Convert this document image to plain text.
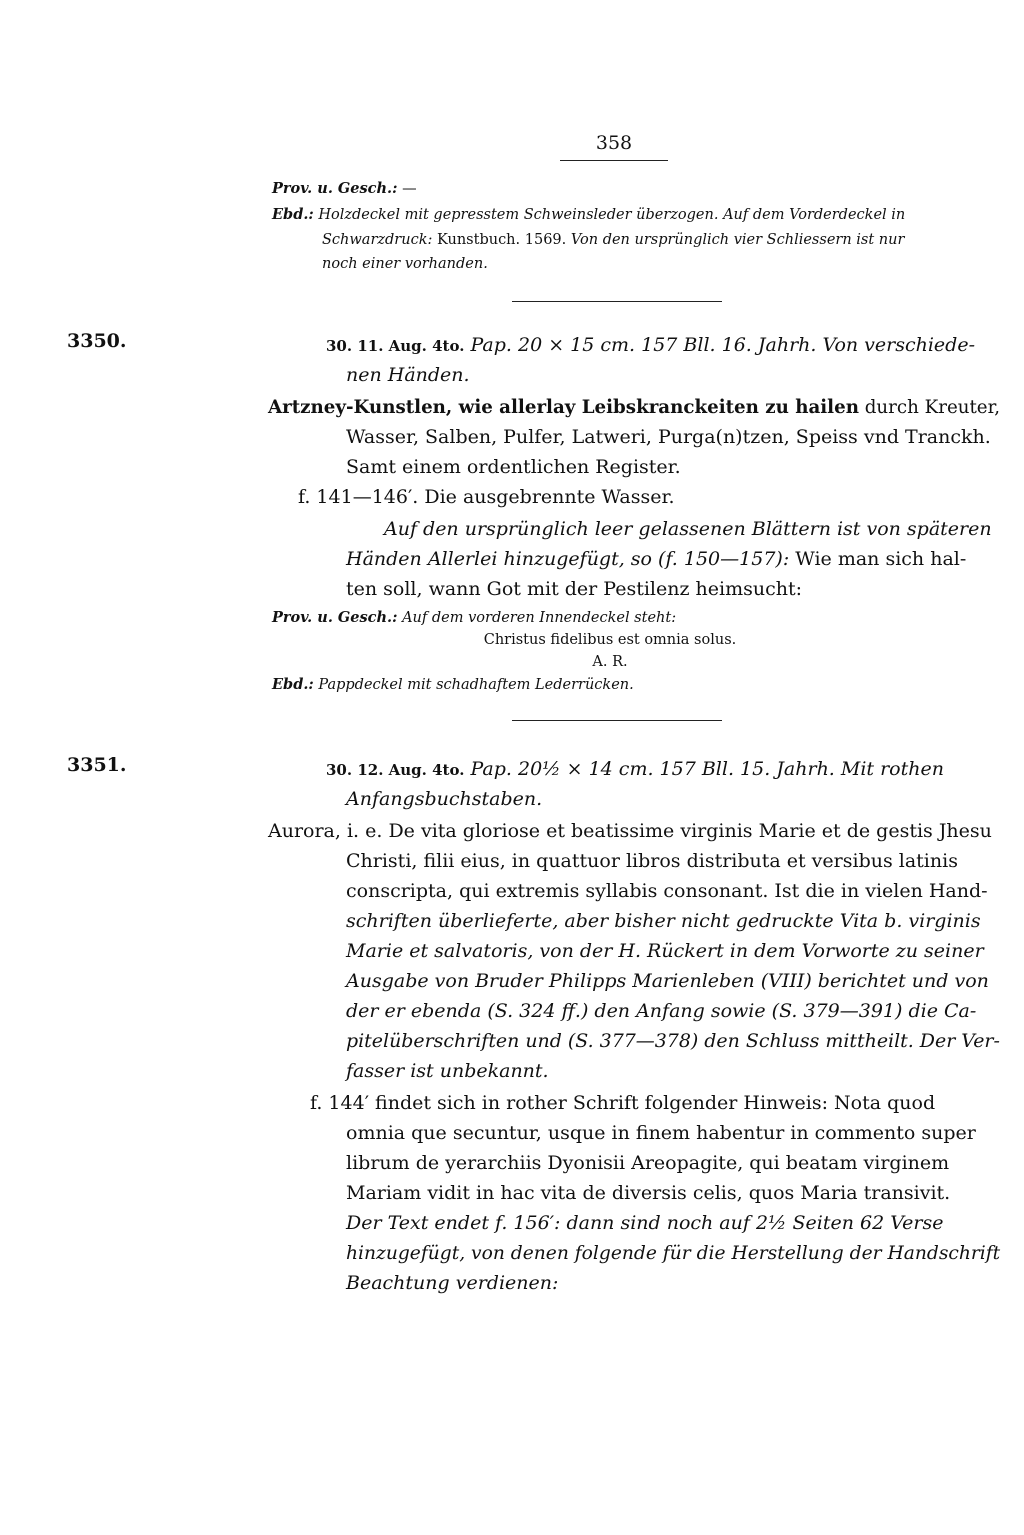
358
Prov. u. Gesch.: —
Ebd.: Holzdeckel mit gepresstem Schweinsleder überzogen. Auf dem Vorderdeckel in
Schwarzdruck: Kunstbuch. 1569. Von den ursprünglich vier Schliessern ist nur
noch einer vorhanden.
3350.	30. 11. Aug. 4to. Pap. 20 × 15 cm. 157 Bll. 16. Jahrh. Von verschiede-
nen Händen.
Artzney-Kunstlen, wie allerlay Leibskranckeiten zu hailen durch Kreuter,
Wasser, Salben, Pulfer, Latweri, Purga(n)tzen, Speiss vnd Tranckh.
Samt einem ordentlichen Register.
f. 141—146′. Die ausgebrennte Wasser.
Auf den ursprünglich leer gelassenen Blättern ist von späteren
Händen Allerlei hinzugefügt, so (f. 150—157): Wie man sich hal-
ten soll, wann Got mit der Pestilenz heimsucht:
Prov. u. Gesch.: Auf dem vorderen Innendeckel steht:
Christus fidelibus est omnia solus.
A. R.
Ebd.: Pappdeckel mit schadhaftem Lederrücken.
3351.	30. 12. Aug. 4to. Pap. 20½ × 14 cm. 157 Bll. 15. Jahrh. Mit rothen
Anfangsbuchstaben.
Aurora, i. e. De vita gloriose et beatissime virginis Marie et de gestis Jhesu
Christi, filii eius, in quattuor libros distributa et versibus latinis
conscripta, qui extremis syllabis consonant. Ist die in vielen Hand-
schriften überlieferte, aber bisher nicht gedruckte Vita b. virginis
Marie et salvatoris, von der H. Rückert in dem Vorworte zu seiner
Ausgabe von Bruder Philipps Marienleben (VIII) berichtet und von
der er ebenda (S. 324 ff.) den Anfang sowie (S. 379—391) die Ca-
pitelüberschriften und (S. 377—378) den Schluss mittheilt. Der Ver-
fasser ist unbekannt.
f. 144′ findet sich in rother Schrift folgender Hinweis: Nota quod
omnia que secuntur, usque in finem habentur in commento super
librum de yerarchiis Dyonisii Areopagite, qui beatam virginem
Mariam vidit in hac vita de diversis celis, quos Maria transivit.
Der Text endet f. 156′: dann sind noch auf 2½ Seiten 62 Verse
hinzugefügt, von denen folgende für die Herstellung der Handschrift
Beachtung verdienen:
